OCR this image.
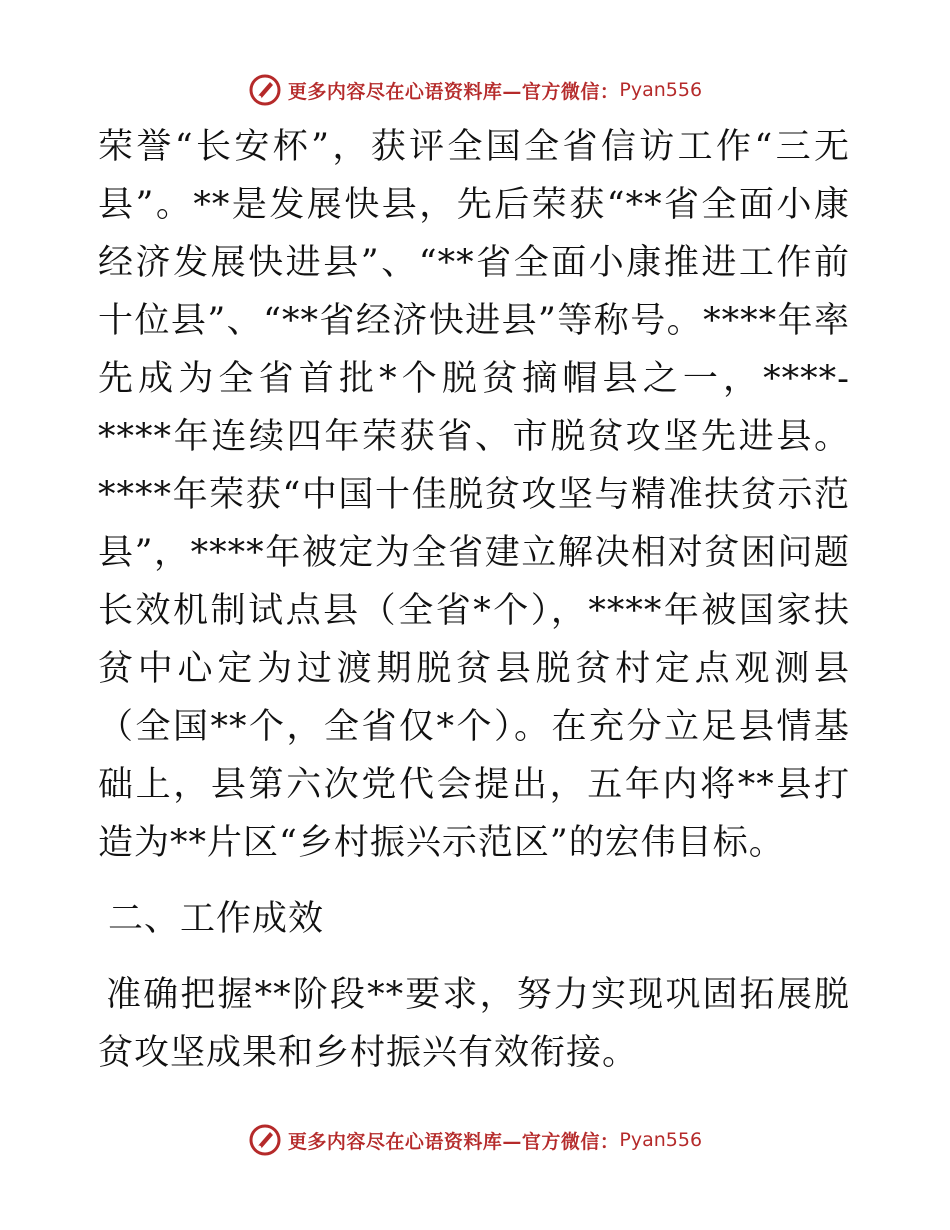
更多内容尽在心语资料库—官方微信： Pyan556

荣誉“长安杯”，获评全国全省信访工作“三无县”。**是发展快县，先后荣获“**省全面小康经济发展快进县”、“**省全面小康推进工作前十位县”、“**省经济快进县”等称号。****年率先成为全省首批*个脱贫摘帽县之一，****-****年连续四年荣获省、市脱贫攻坚先进县。****年荣获“中国十佳脱贫攻坚与精准扶贫示范县”，****年被定为全省建立解决相对贫困问题长效机制试点县（全省*个），****年被国家扶贫中心定为过渡期脱贫县脱贫村定点观测县（全国**个，全省仅*个）。在充分立足县情基础上，县第六次党代会提出，五年内将**县打造为**片区“乡村振兴示范区”的宏伟目标。

二、工作成效

准确把握**阶段**要求，努力实现巩固拓展脱贫攻坚成果和乡村振兴有效衔接。

更多内容尽在心语资料库—官方微信： Pyan556
